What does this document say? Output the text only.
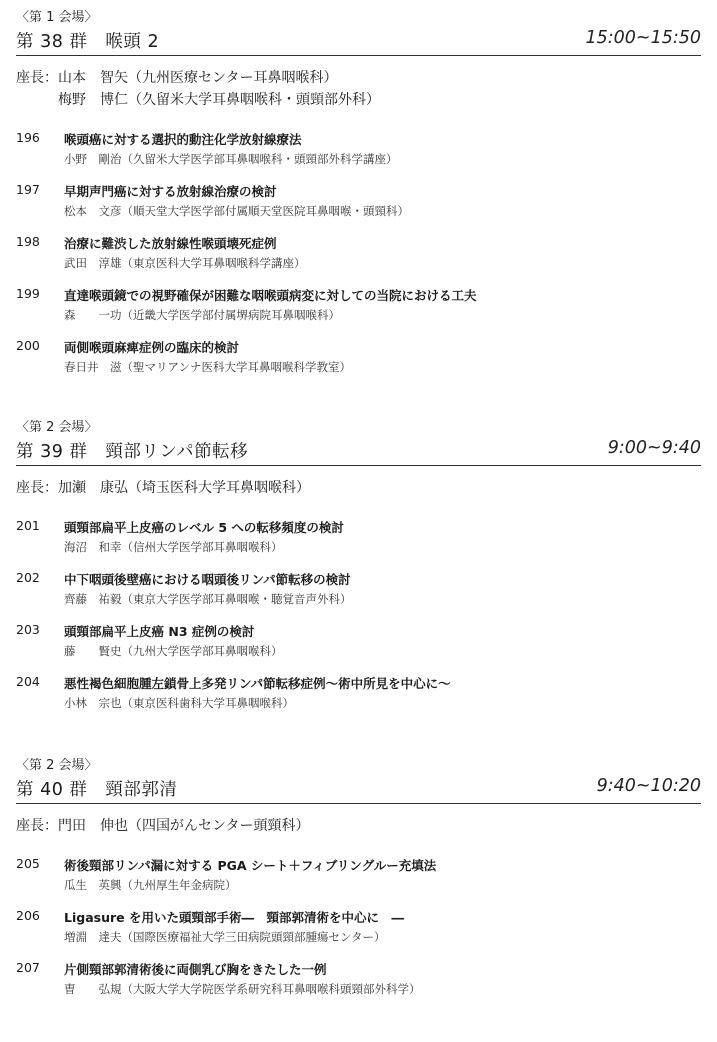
〈第 1 会場〉
第 38 群　喉頭 2	15:00~15:50
座長：山本　智矢（九州医療センター耳鼻咽喉科）
梅野　博仁（久留米大学耳鼻咽喉科・頭頸部外科）
196 喉頭癌に対する選択的動注化学放射線療法
小野　剛治（久留米大学医学部耳鼻咽喉科・頭頸部外科学講座）
197 早期声門癌に対する放射線治療の検討
松本　文彦（順天堂大学医学部付属順天堂医院耳鼻咽喉・頭頸科）
198 治療に難渋した放射線性喉頭壊死症例
武田　淳雄（東京医科大学耳鼻咽喉科学講座）
199 直達喉頭鏡での視野確保が困難な咽喉頭病変に対しての当院における工夫
森　　一功（近畿大学医学部付属堺病院耳鼻咽喉科）
200 両側喉頭麻痺症例の臨床的検討
春日井　滋（聖マリアンナ医科大学耳鼻咽喉科学教室）
〈第 2 会場〉
第 39 群　頸部リンパ節転移	9:00~9:40
座長：加瀬　康弘（埼玉医科大学耳鼻咽喉科）
201 頭頸部扁平上皮癌のレベル 5 への転移頻度の検討
海沼　和幸（信州大学医学部耳鼻咽喉科）
202 中下咽頭後壁癌における咽頭後リンパ節転移の検討
齊藤　祐毅（東京大学医学部耳鼻咽喉・聴覚音声外科）
203 頭頸部扁平上皮癌 N3 症例の検討
藤　　賢史（九州大学医学部耳鼻咽喉科）
204 悪性褐色細胞腫左鎖骨上多発リンパ節転移症例～術中所見を中心に～
小林　宗也（東京医科歯科大学耳鼻咽喉科）
〈第 2 会場〉
第 40 群　頸部郭清	9:40~10:20
座長：門田　伸也（四国がんセンター頭頸科）
205 術後頸部リンパ漏に対する PGA シート＋フィブリングルー充填法
瓜生　英興（九州厚生年金病院）
206 Ligasure を用いた頭頸部手術―　頸部郭清術を中心に　―
増淵　達夫（国際医療福祉大学三田病院頭頸部腫瘍センター）
207 片側頸部郭清術後に両側乳び胸をきたした一例
曺　　弘規（大阪大学大学院医学系研究科耳鼻咽喉科頭頸部外科学）
